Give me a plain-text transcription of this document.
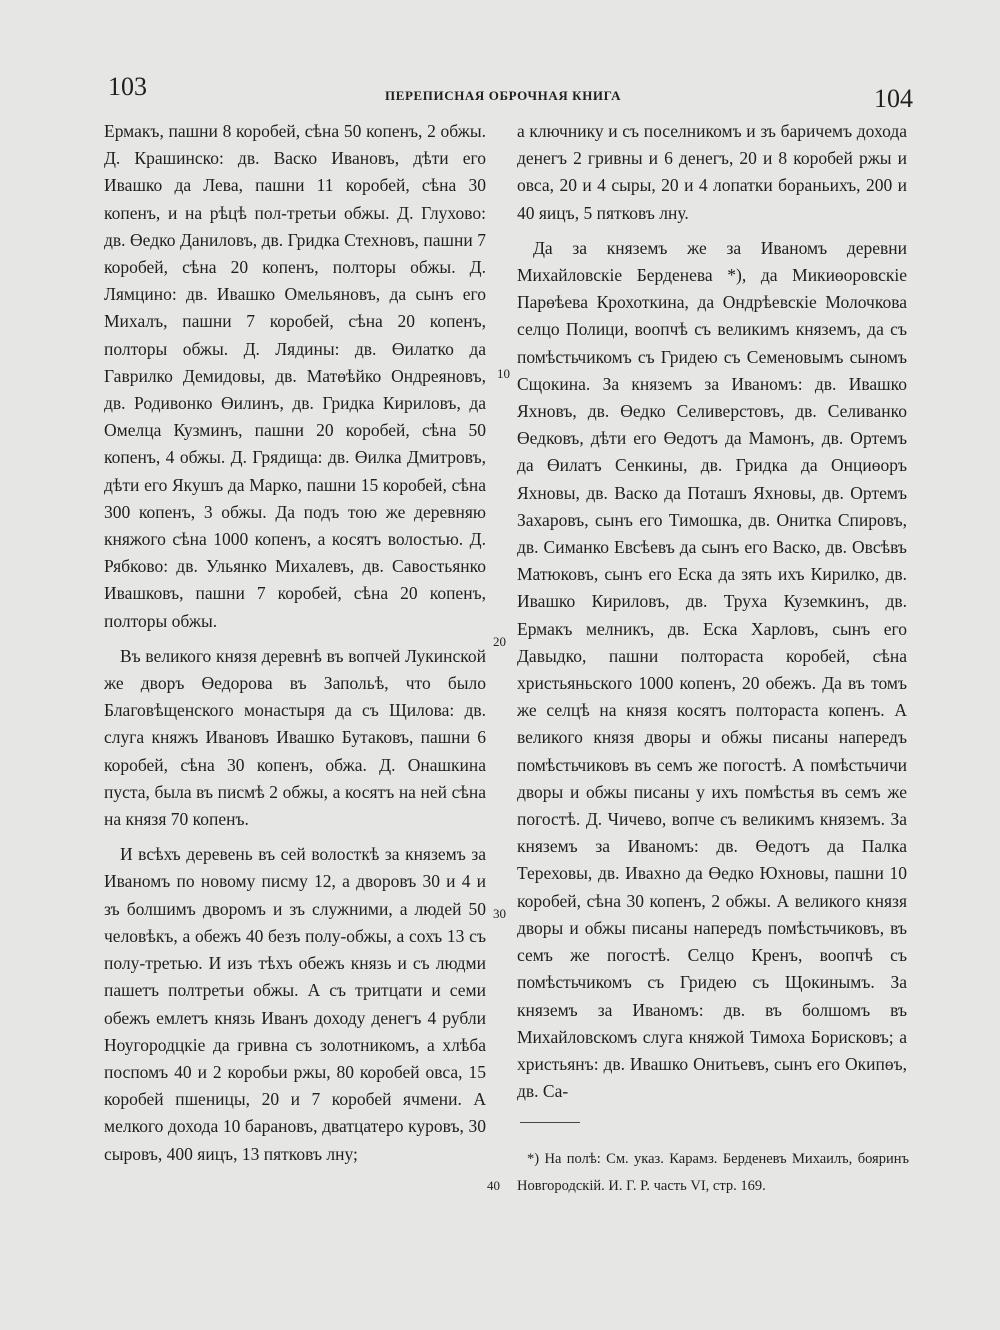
103	ПЕРЕПИСНАЯ ОБРОЧНАЯ КНИГА	104

Ермакъ, пашни 8 коробей, сѣна 50 копенъ, 2 обжы. Д. Крашинско: дв. Васко Ивановъ, дѣти его Ивашко да Лева, пашни 11 коробей, сѣна 30 копенъ, и на рѣцѣ пол-третьи обжы. Д. Глухово: дв. Өедко Даниловъ, дв. Гридка Стехновъ, пашни 7 коробей, сѣна 20 копенъ, полторы обжы. Д. Лямцино: дв. Ивашко Омельяновъ, да сынъ его Михалъ, пашни 7 коробей, сѣна 20 копенъ, полторы обжы. Д. Лядины: дв. Өилатко да Гаврилко Демидовы, дв. Матөѣйко Ондреяновъ, дв. Родивонко Өилинъ, дв. Гридка Кириловъ, да Омелца Кузминъ, пашни 20 коробей, сѣна 50 копенъ, 4 обжы. Д. Грядища: дв. Өилка Дмитровъ, дѣти его Якушъ да Марко, пашни 15 коробей, сѣна 300 копенъ, 3 обжы. Да подъ тою же деревняю княжого сѣна 1000 копенъ, а косятъ волостью. Д. Рябково: дв. Ульянко Михалевъ, дв. Савостьянко Ивашковъ, пашни 7 коробей, сѣна 20 копенъ, полторы обжы.

Въ великого князя деревнѣ въ вопчей Лукинской же дворъ Өедорова въ Запольѣ, что было Благовѣщенского монастыря да съ Щилова: дв. слуга княжъ Ивановъ Ивашко Бутаковъ, пашни 6 коробей, сѣна 30 копенъ, обжа. Д. Онашкина пуста, была въ писмѣ 2 обжы, а косятъ на ней сѣна на князя 70 копенъ.

И всѣхъ деревень въ сей волосткѣ за княземъ за Иваномъ по новому писму 12, а дворовъ 30 и 4 и зъ болшимъ дворомъ и зъ служними, а людей 50 человѣкъ, а обежъ 40 безъ полу-обжы, а сохъ 13 съ полу-третью. И изъ тѣхъ обежъ князь и съ людми пашетъ полтретьи обжы. А съ тритцати и семи обежъ емлетъ князь Иванъ доходу денегъ 4 рубли Ноугородцкіе да гривна съ золотникомъ, а хлѣба поспомъ 40 и 2 коробьи ржы, 80 коробей овса, 15 коробей пшеницы, 20 и 7 коробей ячмени. А мелкого дохода 10 барановъ, дватцатеро куровъ, 30 сыровъ, 400 яицъ, 13 пятковъ лну;

а ключнику и съ поселникомъ и зъ баричемъ дохода денегъ 2 гривны и 6 денегъ, 20 и 8 коробей ржы и овса, 20 и 4 сыры, 20 и 4 лопатки бораньихъ, 200 и 40 яицъ, 5 пятковъ лну.

Да за княземъ же за Иваномъ деревни Михайловскіе Берденева *), да Микиөоровскіе Парөѣева Крохоткина, да Ондрѣевскіе Молочкова селцо Полици, воопчѣ съ великимъ княземъ, да съ помѣстьчикомъ съ Гридею съ Семеновымъ сыномъ Сщокина. За княземъ за Иваномъ: дв. Ивашко Яхновъ, дв. Өедко Селиверстовъ, дв. Селиванко Өедковъ, дѣти его Өедотъ да Мамонъ, дв. Ортемъ да Өилатъ Сенкины, дв. Гридка да Онциөоръ Яхновы, дв. Васко да Поташъ Яхновы, дв. Ортемъ Захаровъ, сынъ его Тимошка, дв. Онитка Спировъ, дв. Симанко Евсѣевъ да сынъ его Васко, дв. Овсѣвъ Матюковъ, сынъ его Еска да зять ихъ Кирилко, дв. Ивашко Кириловъ, дв. Труха Куземкинъ, дв. Ермакъ мелникъ, дв. Еска Харловъ, сынъ его Давыдко, пашни полтораста коробей, сѣна христьяньского 1000 копенъ, 20 обежъ. Да въ томъ же селцѣ на князя косятъ полтораста копенъ. А великого князя дворы и обжы писаны напередъ помѣстьчиковъ въ семъ же погостѣ. А помѣстьчичи дворы и обжы писаны у ихъ помѣстья въ семъ же погостѣ. Д. Чичево, вопче съ великимъ княземъ. За княземъ за Иваномъ: дв. Өедотъ да Палка Тереховы, дв. Ивахно да Өедко Юхновы, пашни 10 коробей, сѣна 30 копенъ, 2 обжы. А великого князя дворы и обжы писаны напередъ помѣстьчиковъ, въ семъ же погостѣ. Селцо Кренъ, воопчѣ съ помѣстьчикомъ съ Гридею съ Щокинымъ. За княземъ за Иваномъ: дв. въ болшомъ въ Михайловскомъ слуга княжой Тимоха Борисковъ; а христьянъ: дв. Ивашко Онитьевъ, сынъ его Окипөъ, дв. Са-

10
20
30
40

*) На полѣ: См. указ. Карамз. Берденевъ Михаилъ, бояринъ Новгородскій. И. Г. Р. часть VI, стр. 169.
